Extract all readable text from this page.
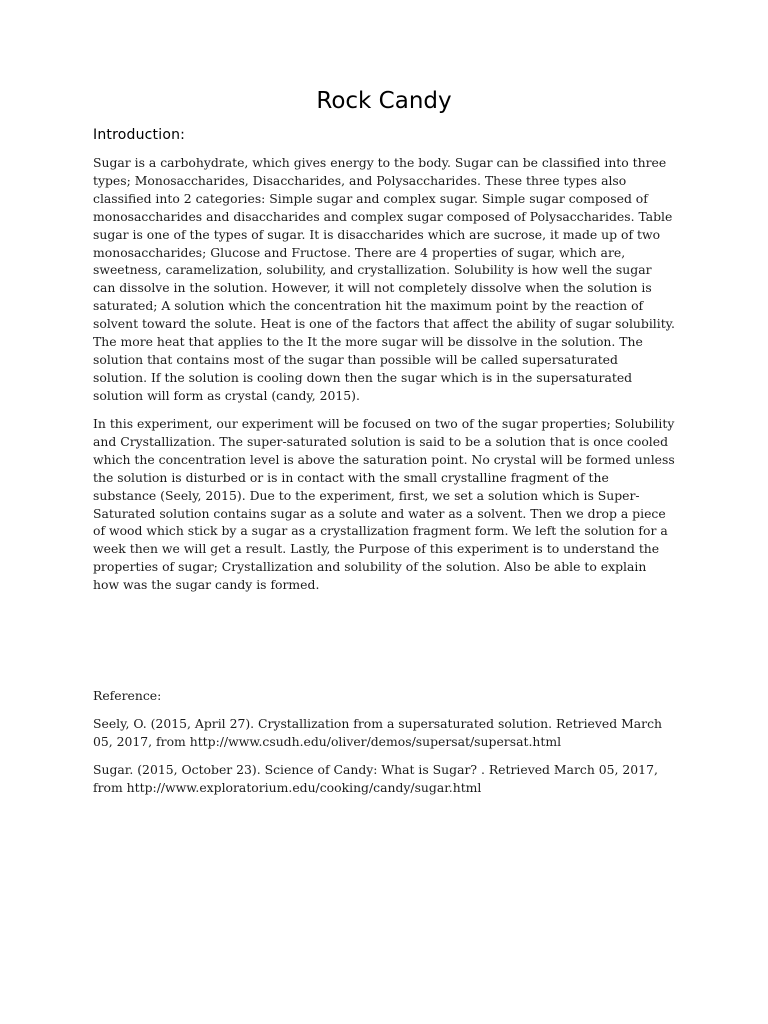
Rock Candy
Introduction:

Sugar is a carbohydrate, which gives energy to the body. Sugar can be classified into three types; Monosaccharides, Disaccharides, and Polysaccharides. These three types also classified into 2 categories: Simple sugar and complex sugar. Simple sugar composed of monosaccharides and disaccharides and complex sugar composed of Polysaccharides. Table sugar is one of the types of sugar. It is disaccharides which are sucrose, it made up of two monosaccharides; Glucose and Fructose. There are 4 properties of sugar, which are, sweetness, caramelization, solubility, and crystallization. Solubility is how well the sugar can dissolve in the solution. However, it will not completely dissolve when the solution is saturated; A solution which the concentration hit the maximum point by the reaction of solvent toward the solute. Heat is one of the factors that affect the ability of sugar solubility. The more heat that applies to the It the more sugar will be dissolve in the solution. The solution that contains most of the sugar than possible will be called supersaturated solution. If the solution is cooling down then the sugar which is in the supersaturated solution will form as crystal (candy, 2015).

In this experiment, our experiment will be focused on two of the sugar properties; Solubility and Crystallization. The super-saturated solution is said to be a solution that is once cooled which the concentration level is above the saturation point. No crystal will be formed unless the solution is disturbed or is in contact with the small crystalline fragment of the substance (Seely, 2015). Due to the experiment, first, we set a solution which is Super-Saturated solution contains sugar as a solute and water as a solvent. Then we drop a piece of wood which stick by a sugar as a crystallization fragment form. We left the solution for a week then we will get a result. Lastly, the Purpose of this experiment is to understand the properties of sugar; Crystallization and solubility of the solution. Also be able to explain how was the sugar candy is formed.

Reference:

Seely, O. (2015, April 27). Crystallization from a supersaturated solution. Retrieved March 05, 2017, from http://www.csudh.edu/oliver/demos/supersat/supersat.html

Sugar. (2015, October 23). Science of Candy: What is Sugar? . Retrieved March 05, 2017, from http://www.exploratorium.edu/cooking/candy/sugar.html
